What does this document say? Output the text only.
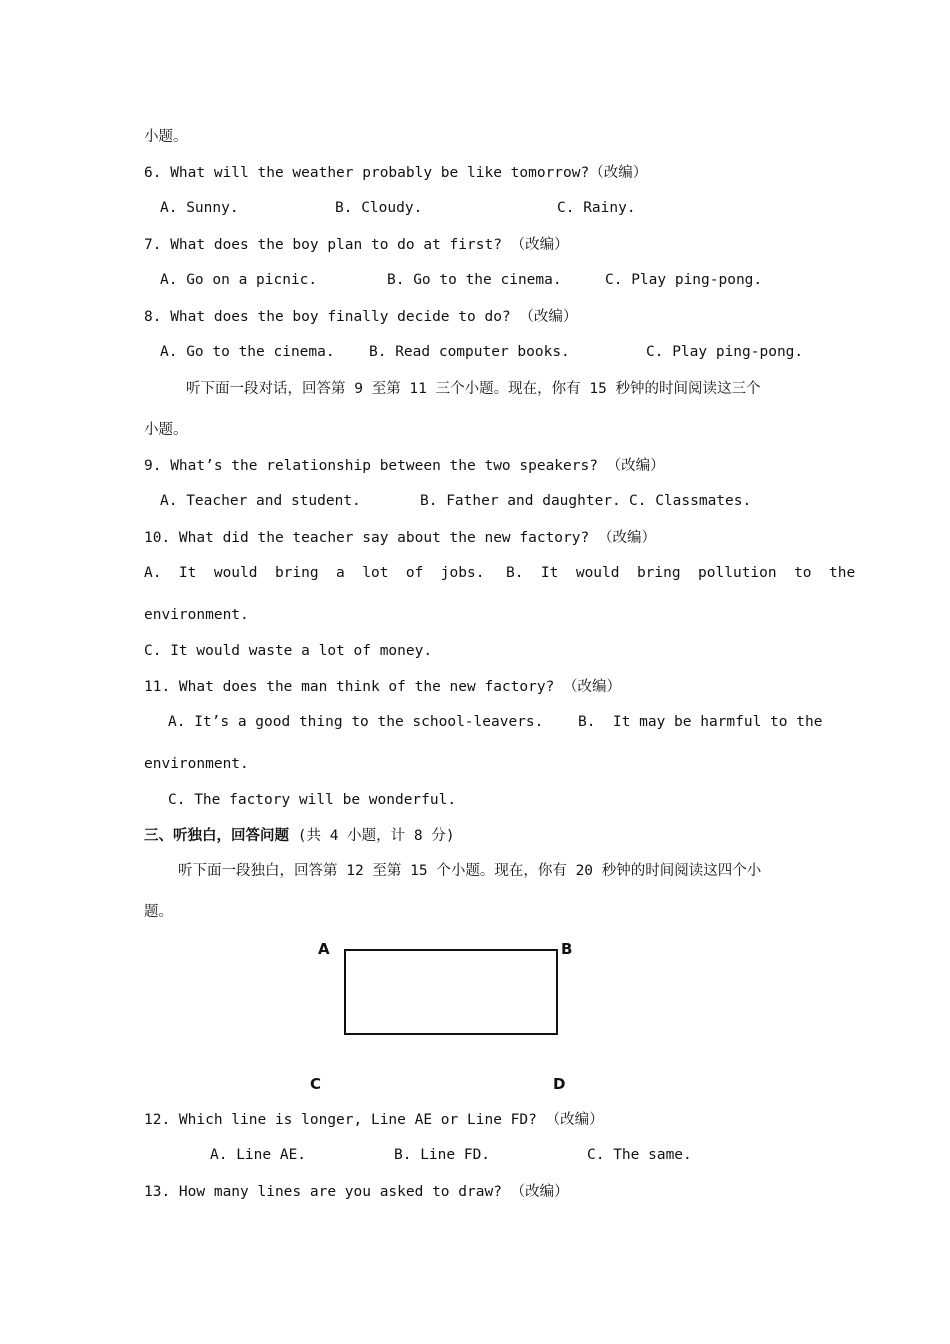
小题。
6. What will the weather probably be like tomorrow?（改编）
A. Sunny.	B. Cloudy.	C. Rainy.
7. What does the boy plan to do at first? （改编）
A. Go on a picnic.	B. Go to the cinema.	C. Play ping-pong.
8. What does the boy finally decide to do? （改编）
A. Go to the cinema. B. Read computer books.	C. Play ping-pong.
听下面一段对话，回答第 9 至第 11 三个小题。现在，你有 15 秒钟的时间阅读这三个
小题。
9. What’s the relationship between the two speakers? （改编）
A. Teacher and student.	B. Father and daughter. C. Classmates.
10. What did the teacher say about the new factory? （改编）
A.  It  would  bring  a  lot  of  jobs. B.  It  would  bring  pollution  to  the
environment.
C. It would waste a lot of money.
11. What does the man think of the new factory? （改编）
A. It’s a good thing to the school-leavers. B.  It may be harmful to the
environment.
C. The factory will be wonderful.
三、听独白，回答问题 (共 4 小题，计 8 分)
听下面一段独白，回答第 12 至第 15 个小题。现在，你有 20 秒钟的时间阅读这四个小
题。
A	B
C	D
12. Which line is longer, Line AE or Line FD? （改编）
A. Line AE.	B. Line FD.	C. The same.
13. How many lines are you asked to draw? （改编）
